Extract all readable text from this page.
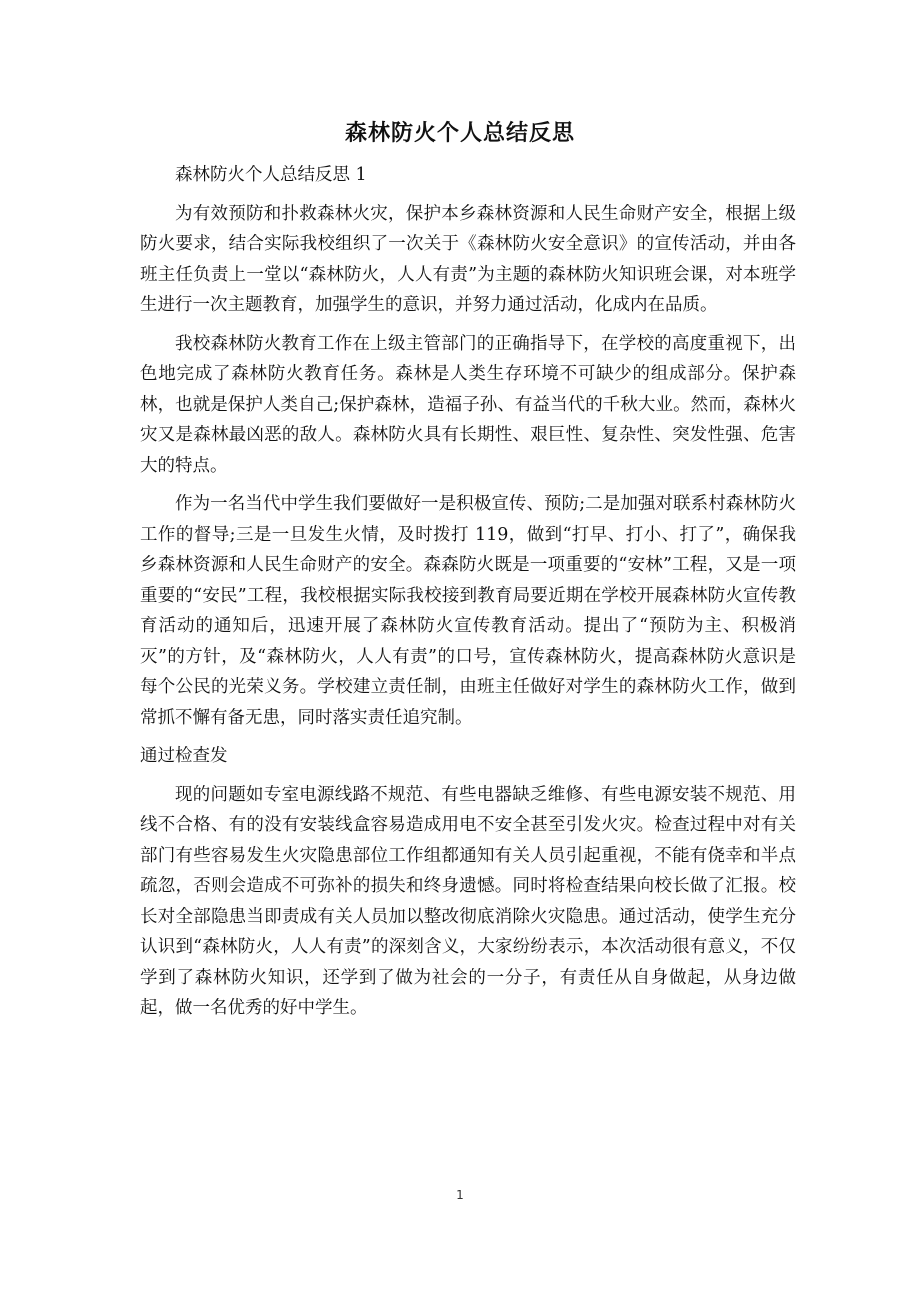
森林防火个人总结反思

森林防火个人总结反思 1

为有效预防和扑救森林火灾，保护本乡森林资源和人民生命财产安全，根据上级防火要求，结合实际我校组织了一次关于《森林防火安全意识》的宣传活动，并由各班主任负责上一堂以“森林防火，人人有责”为主题的森林防火知识班会课，对本班学生进行一次主题教育，加强学生的意识，并努力通过活动，化成内在品质。

我校森林防火教育工作在上级主管部门的正确指导下，在学校的高度重视下，出色地完成了森林防火教育任务。森林是人类生存环境不可缺少的组成部分。保护森林，也就是保护人类自己;保护森林，造福子孙、有益当代的千秋大业。然而，森林火灾又是森林最凶恶的敌人。森林防火具有长期性、艰巨性、复杂性、突发性强、危害大的特点。

作为一名当代中学生我们要做好一是积极宣传、预防;二是加强对联系村森林防火工作的督导;三是一旦发生火情，及时拨打 119，做到“打早、打小、打了”，确保我乡森林资源和人民生命财产的安全。森森防火既是一项重要的“安林”工程，又是一项重要的“安民”工程，我校根据实际我校接到教育局要近期在学校开展森林防火宣传教育活动的通知后，迅速开展了森林防火宣传教育活动。提出了“预防为主、积极消灭”的方针，及“森林防火，人人有责”的口号，宣传森林防火，提高森林防火意识是每个公民的光荣义务。学校建立责任制，由班主任做好对学生的森林防火工作，做到常抓不懈有备无患，同时落实责任追究制。

通过检查发

现的问题如专室电源线路不规范、有些电器缺乏维修、有些电源安装不规范、用线不合格、有的没有安装线盒容易造成用电不安全甚至引发火灾。检查过程中对有关部门有些容易发生火灾隐患部位工作组都通知有关人员引起重视，不能有侥幸和半点疏忽，否则会造成不可弥补的损失和终身遗憾。同时将检查结果向校长做了汇报。校长对全部隐患当即责成有关人员加以整改彻底消除火灾隐患。通过活动，使学生充分认识到“森林防火，人人有责”的深刻含义，大家纷纷表示，本次活动很有意义，不仅学到了森林防火知识，还学到了做为社会的一分子，有责任从自身做起，从身边做起，做一名优秀的好中学生。

1
